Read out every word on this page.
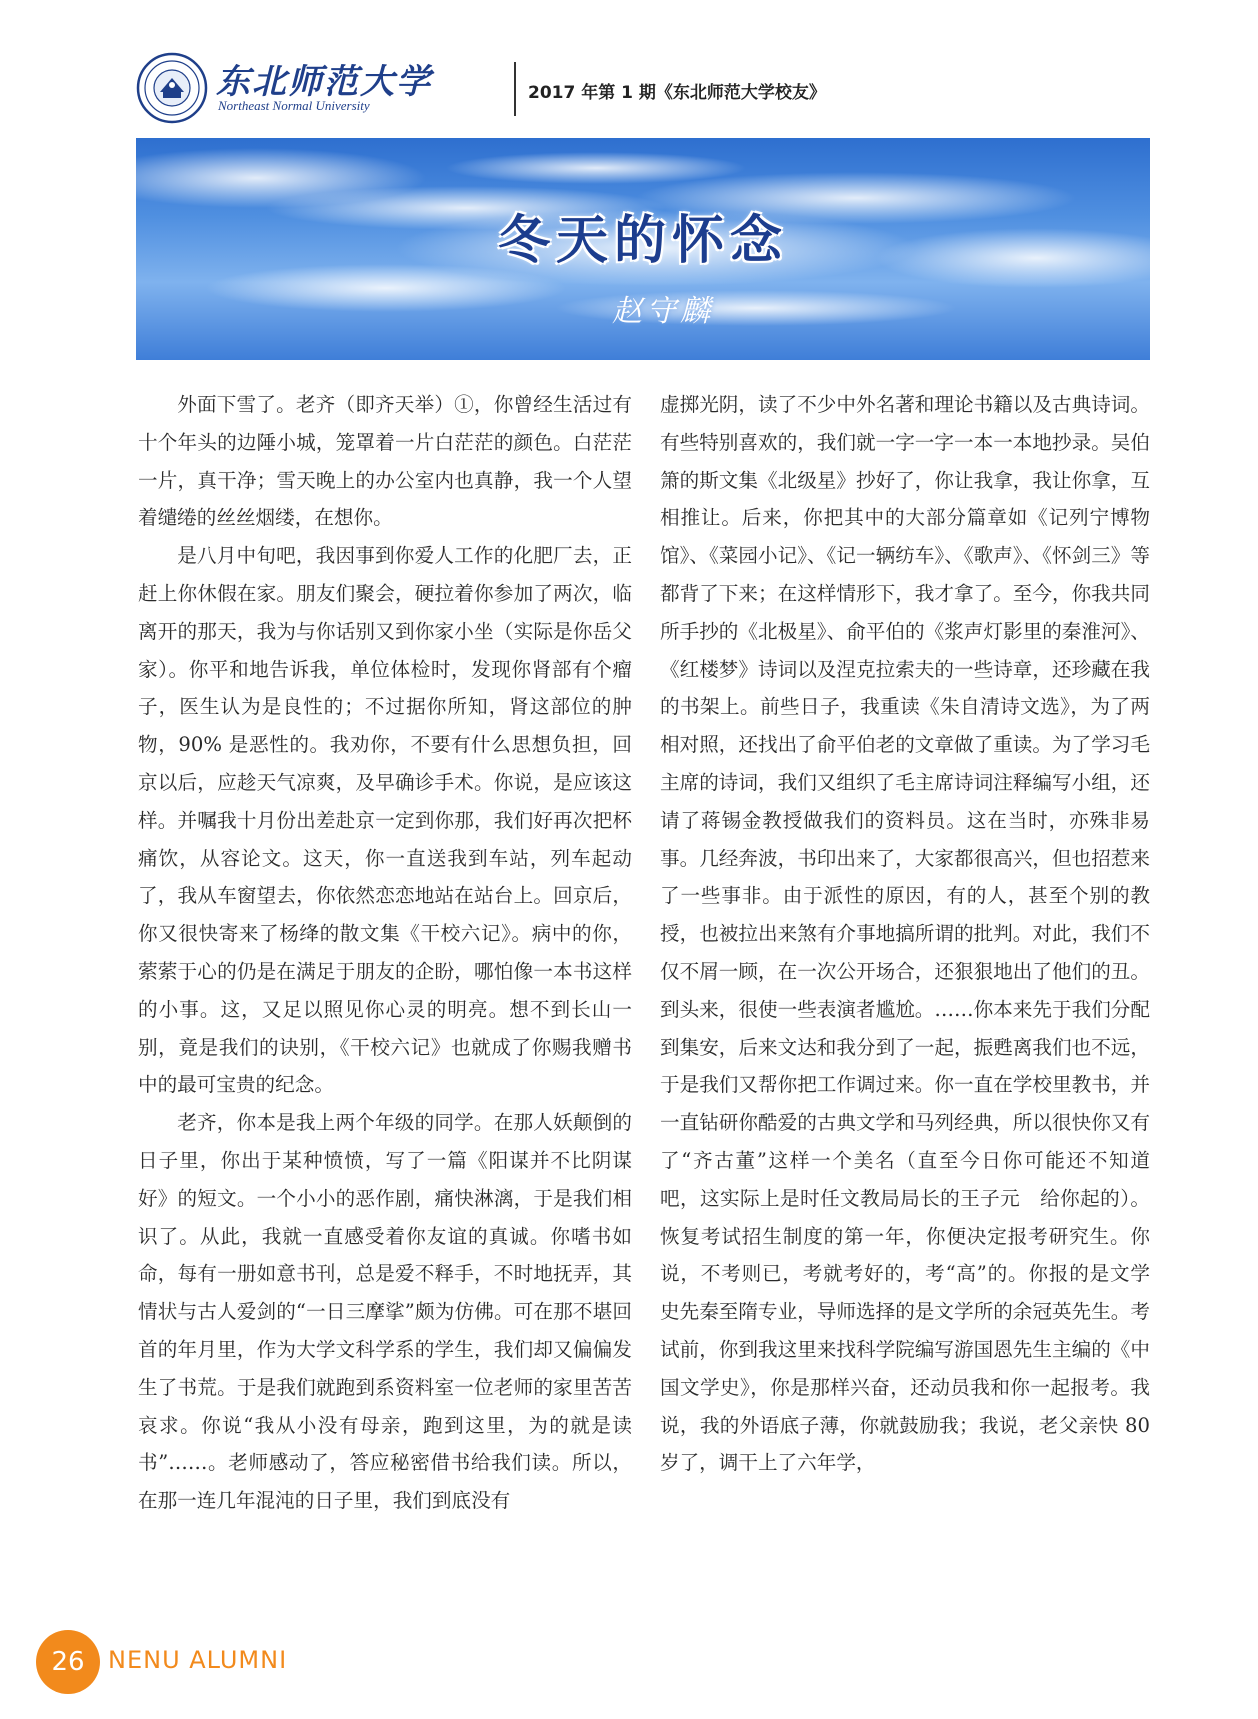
东北师范大学
Northeast Normal University
2017 年第 1 期《东北师范大学校友》
冬天的怀念
赵守麟

外面下雪了。老齐（即齐天举）①，你曾经生活过有十个年头的边陲小城，笼罩着一片白茫茫的颜色。白茫茫一片，真干净；雪天晚上的办公室内也真静，我一个人望着缱绻的丝丝烟缕，在想你。

是八月中旬吧，我因事到你爱人工作的化肥厂去，正赶上你休假在家。朋友们聚会，硬拉着你参加了两次，临离开的那天，我为与你话别又到你家小坐（实际是你岳父家）。你平和地告诉我，单位体检时，发现你肾部有个瘤子，医生认为是良性的；不过据你所知，肾这部位的肿物，90% 是恶性的。我劝你，不要有什么思想负担，回京以后，应趁天气凉爽，及早确诊手术。你说，是应该这样。并嘱我十月份出差赴京一定到你那，我们好再次把杯痛饮，从容论文。这天，你一直送我到车站，列车起动了，我从车窗望去，你依然恋恋地站在站台上。回京后，你又很快寄来了杨绛的散文集《干校六记》。病中的你，萦萦于心的仍是在满足于朋友的企盼，哪怕像一本书这样的小事。这，又足以照见你心灵的明亮。想不到长山一别，竟是我们的诀别，《干校六记》也就成了你赐我赠书中的最可宝贵的纪念。

老齐，你本是我上两个年级的同学。在那人妖颠倒的日子里，你出于某种愤愤，写了一篇《阳谋并不比阴谋好》的短文。一个小小的恶作剧，痛快淋漓，于是我们相识了。从此，我就一直感受着你友谊的真诚。你嗜书如命，每有一册如意书刊，总是爱不释手，不时地抚弄，其情状与古人爱剑的“一日三摩挲”颇为仿佛。可在那不堪回首的年月里，作为大学文科学系的学生，我们却又偏偏发生了书荒。于是我们就跑到系资料室一位老师的家里苦苦哀求。你说“我从小没有母亲，跑到这里，为的就是读书”……。老师感动了，答应秘密借书给我们读。所以，在那一连几年混沌的日子里，我们到底没有

虚掷光阴，读了不少中外名著和理论书籍以及古典诗词。有些特别喜欢的，我们就一字一字一本一本地抄录。吴伯箫的斯文集《北级星》抄好了，你让我拿，我让你拿，互相推让。后来，你把其中的大部分篇章如《记列宁博物馆》、《菜园小记》、《记一辆纺车》、《歌声》、《怀剑三》等都背了下来；在这样情形下，我才拿了。至今，你我共同所手抄的《北极星》、俞平伯的《浆声灯影里的秦淮河》、《红楼梦》诗词以及涅克拉索夫的一些诗章，还珍藏在我的书架上。前些日子，我重读《朱自清诗文选》，为了两相对照，还找出了俞平伯老的文章做了重读。为了学习毛主席的诗词，我们又组织了毛主席诗词注释编写小组，还请了蒋锡金教授做我们的资料员。这在当时，亦殊非易事。几经奔波，书印出来了，大家都很高兴，但也招惹来了一些事非。由于派性的原因，有的人，甚至个别的教授，也被拉出来煞有介事地搞所谓的批判。对此，我们不仅不屑一顾，在一次公开场合，还狠狠地出了他们的丑。到头来，很使一些表演者尴尬。……你本来先于我们分配到集安，后来文达和我分到了一起，振甦离我们也不远，于是我们又帮你把工作调过来。你一直在学校里教书，并一直钻研你酷爱的古典文学和马列经典，所以很快你又有了“齐古董”这样一个美名（直至今日你可能还不知道吧，这实际上是时任文教局局长的王子元　给你起的）。恢复考试招生制度的第一年，你便决定报考研究生。你说，不考则已，考就考好的，考“高”的。你报的是文学史先秦至隋专业，导师选择的是文学所的余冠英先生。考试前，你到我这里来找科学院编写游国恩先生主编的《中国文学史》，你是那样兴奋，还动员我和你一起报考。我说，我的外语底子薄，你就鼓励我；我说，老父亲快 80 岁了，调干上了六年学，

26 NENU ALUMNI
